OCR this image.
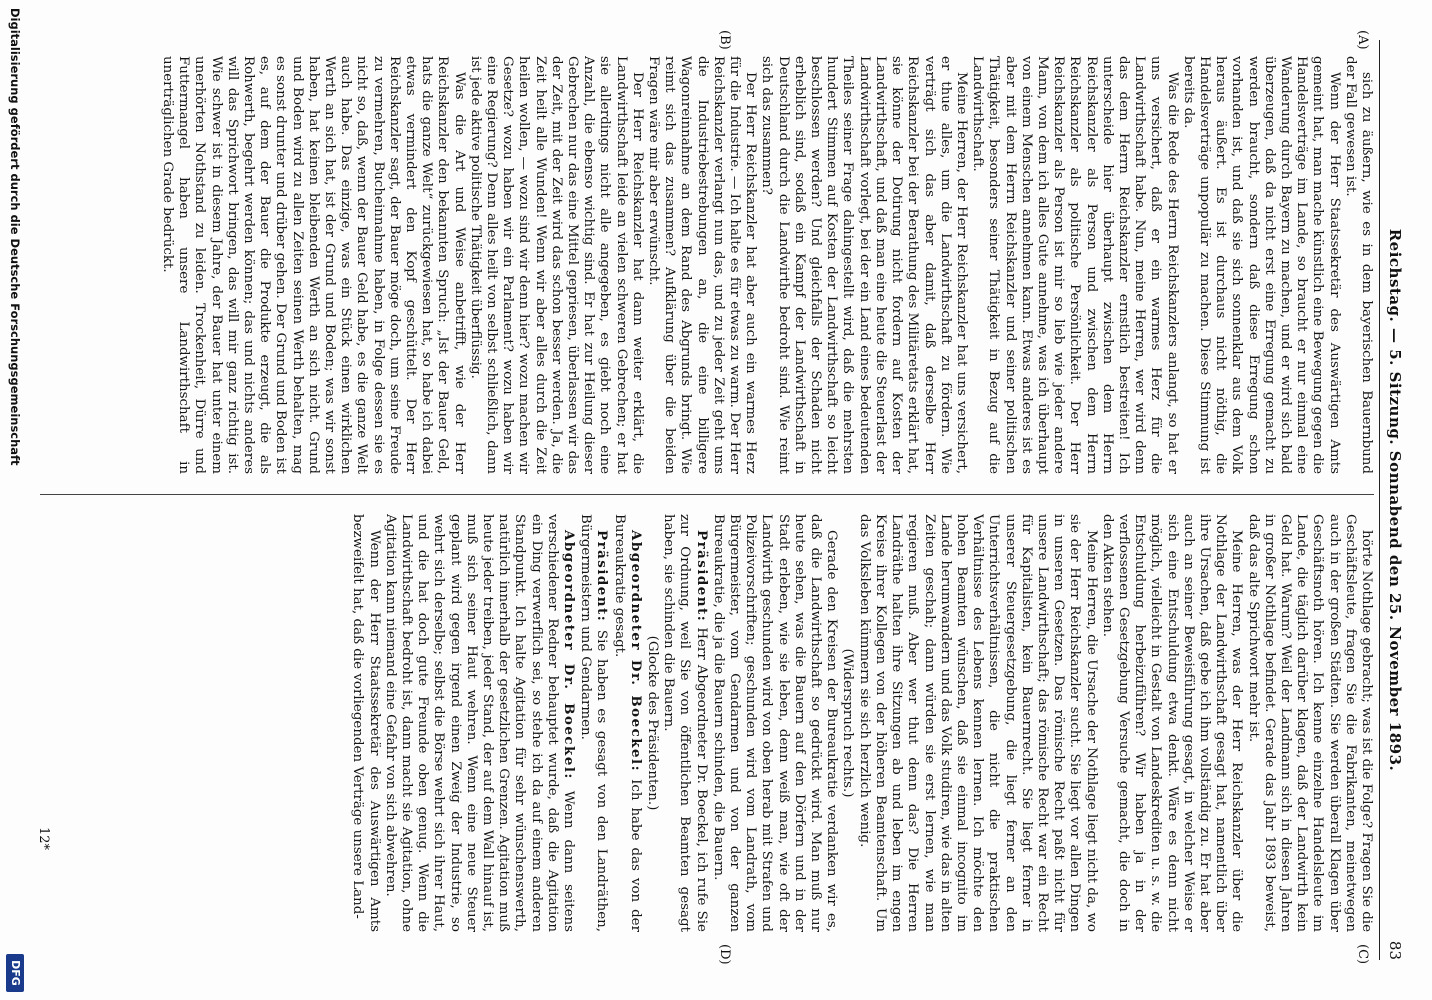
Reichstag. — 5. Sitzung. Sonnabend den 25. November 1893.
83
(A)
(B)
(C)
(D)

sich zu äußern, wie es in dem bayerischen Bauernbund der Fall gewesen ist.

Wenn der Herr Staatssekretär des Auswärtigen Amts gemeint hat, man mache künstlich eine Bewegung gegen die Handelsverträge im Lande, so braucht er nur einmal eine Wanderung durch Bayern zu machen, und er wird sich bald überzeugen, daß da nicht erst eine Erregung gemacht zu werden braucht, sondern daß diese Erregung schon vorhanden ist, und daß sie sich sonnenklar aus dem Volk heraus äußert. Es ist durchaus nicht nöthig, die Handelsverträge unpopulär zu machen. Diese Stimmung ist bereits da.

Was die Rede des Herrn Reichskanzlers anlangt, so hat er uns versichert, daß er ein warmes Herz für die Landwirthschaft habe. Nun, meine Herren, wer wird denn das dem Herrn Reichskanzler ernstlich bestreiten! Ich unterscheide hier überhaupt zwischen dem Herrn Reichskanzler als Person und zwischen dem Herrn Reichskanzler als politische Persönlichkeit. Der Herr Reichskanzler als Person ist mir so lieb wie jeder andere Mann, von dem ich alles Gute annehme, was ich überhaupt von einem Menschen annehmen kann. Etwas anderes ist es aber mit dem Herrn Reichskanzler und seiner politischen Thätigkeit, besonders seiner Thätigkeit in Bezug auf die Landwirthschaft.

Meine Herren, der Herr Reichskanzler hat uns versichert, er thue alles, um die Landwirthschaft zu fördern. Wie verträgt sich das aber damit, daß derselbe Herr Reichskanzler bei der Berathung des Militäretats erklärt hat, sie könne der Dotirung nicht fordern auf Kosten der Landwirthschaft, und daß man eine heute die Steuerlast der Landwirthschaft vorlegt, bei der ein Land eines bedeutenden Theiles seiner Frage dahingestellt wird, daß die mehrsten hundert Stimmen auf Kosten der Landwirthschaft so leicht beschlossen werden? Und gleichfalls der Schaden nicht erheblich sind, sodaß ein Kampf der Landwirthschaft in Deutschland durch die Landwirthe bedroht sind. Wie reimt sich das zusammen?

Der Herr Reichskanzler hat aber auch ein warmes Herz für die Industrie. — Ich halte es für etwas zu warm. Der Herr Reichskanzler verlangt nun das, und zu jeder Zeit geht ums die Industriebestrebungen an, die eine billigere Wagonreinnahme an dem Rand des Abgrunds bringt. Wie reimt sich das zusammen? Aufklärung über die beiden Fragen wäre mir aber erwünscht.

Der Herr Reichskanzler hat dann weiter erklärt, die Landwirthschaft leide an vielen schweren Gebrechen; er hat sie allerdings nicht alle angegeben, es giebt noch eine Anzahl, die ebenso wichtig sind. Er hat zur Heilung dieser Gebrechen nur das eine Mittel gepriesen, überlassen wir das der Zeit, mit der Zeit wird das schon besser werden. Ja, die Zeit heilt alle Wunden! Wenn wir aber alles durch die Zeit heilen wollen, — wozu sind wir denn hier? wozu machen wir Gesetze? wozu haben wir ein Parlament? wozu haben wir eine Regierung? Denn alles heilt von selbst schließlich, dann ist jede aktive politische Thätigkeit überflüssig.

Was die Art und Weise anbetrifft, wie der Herr Reichskanzler den bekannten Spruch: „Ist der Bauer Geld, hats die ganze Welt“ zurückgewiesen hat, so habe ich dabei etwas vermindert den Kopf geschüttelt. Der Herr Reichskanzler sagt, der Bauer möge doch, um seine Freude zu vermehren, Bucheinnahme haben, in Folge dessen sie es nicht so, daß, wenn der Bauer Geld habe, es die ganze Welt auch habe. Das einzige, was ein Stück einen wirklichen Werth an sich hat, ist der Grund und Boden; was wir sonst haben, hat keinen bleibenden Werth an sich nicht. Grund und Boden wird zu allen Zeiten seinen Werth behalten, mag es sonst drunter und drüber gehen. Der Grund und Boden ist es, auf dem der Bauer die Produkte erzeugt, die als Rohwerth, begehrt werden können; das und nichts anderes will das Sprichwort bringen, das will mir ganz richtig ist. Wie schwer ist in diesem Jahre, der Bauer hat unter einem unerhörten Nothstand zu leiden. Trockenheit, Dürre und Futtermangel haben unsere Landwirthschaft in unerträglichen Grade bedrückt.

hörte Nothlage gebracht; was ist die Folge? Fragen Sie die Geschäftsleute, fragen Sie die Fabrikanten, meinetwegen auch in der großen Städten. Sie werden überall Klagen über Geschäftsnoth hören. Ich kenne einzelne Handelsleute im Lande, die täglich darüber klagen, daß der Landwirth kein Geld hat. Warum? Weil der Landmann sich in diesen Jahren in großer Nothlage befindet. Gerade das Jahr 1893 beweist, daß das alte Sprichwort mehr ist.

Meine Herren, was der Herr Reichskanzler über die Nothlage der Landwirthschaft gesagt hat, namentlich über ihre Ursachen, daß gebe ich ihm vollständig zu. Er hat aber auch an seiner Beweisführung gesagt, in welcher Weise er sich eine Entschuldung etwa denkt. Wäre es denn nicht möglich, vielleicht in Gestalt von Landeskrediten u. s. w. die Entschuldung herbeizuführen? Wir haben ja in der verflossenen Gesetzgebung Versuche gemacht, die doch in den Akten stehen.

Meine Herren, die Ursache der Nothlage liegt nicht da, wo sie der Herr Reichskanzler sucht. Sie liegt vor allen Dingen in unseren Gesetzen. Das römische Recht paßt nicht für unsere Landwirthschaft; das römische Recht war ein Recht für Kapitalisten, kein Bauernrecht. Sie liegt ferner in unserer Steuergesetzgebung, die liegt ferner an den Unterrichtsverhältnissen, die nicht die praktischen Verhältnisse des Lebens kennen lernen. Ich möchte den hohen Beamten wünschen, daß sie einmal incognito im Lande herumwandern und das Volk studiren, wie das in alten Zeiten geschah; dann würden sie erst lernen, wie man regieren muß. Aber wer thut denn das? Die Herren Landräthe halten ihre Sitzungen ab und leben im engen Kreise ihrer Kollegen von der höheren Beamtenschaft. Um das Volksleben kümmern sie sich herzlich wenig.

(Widerspruch rechts.)

Gerade den Kreisen der Bureaukratie verdanken wir es, daß die Landwirthschaft so gedrückt wird. Man muß nur heute sehen, was die Bauern auf den Dörfern und in der Stadt erleben, wie sie leben, denn weiß man, wie oft der Landwirth geschunden wird von oben herab mit Strafen und Polizeivorschriften; geschunden wird vom Landrath, vom Bürgermeister, vom Gendarmen und von der ganzen Bureaukratie, die ja die Bauern schinden, die Bauern.

Präsident: Herr Abgeordneter Dr. Boeckel, ich rufe Sie zur Ordnung, weil Sie von öffentlichen Beamten gesagt haben, sie schinden die Bauern.

(Glocke des Präsidenten.)

Abgeordneter Dr. Boeckel: Ich habe das von der Bureaukratie gesagt.

Präsident: Sie haben es gesagt von den Landräthen, Bürgermeistern und Gendarmen.

Abgeordneter Dr. Boeckel: Wenn dann seitens verschiedener Redner behauptet wurde, daß die Agitation ein Ding verwerflich sei, so stehe ich da auf einem anderen Standpunkt. Ich halte Agitation für sehr wünschenswerth, natürlich innerhalb der gesetzlichen Grenzen. Agitation muß heute jeder treiben, jeder Stand, der auf dem Wall hinauf ist, muß sich seiner Haut wehren. Wenn eine neue Steuer geplant wird gegen irgend einen Zweig der Industrie, so wehrt sich derselbe; selbst die Börse wehrt sich ihrer Haut, und die hat doch gute Freunde oben genug. Wenn die Landwirthschaft bedroht ist, dann macht sie Agitation, ohne Agitation kann niemand eine Gefahr von sich abwehren.

Wenn der Herr Staatssekretär des Auswärtigen Amts bezweifelt hat, daß die vorliegenden Verträge unsere Land-

12*
Digitalisierung gefördert durch die Deutsche Forschungsgemeinschaft
DFG
